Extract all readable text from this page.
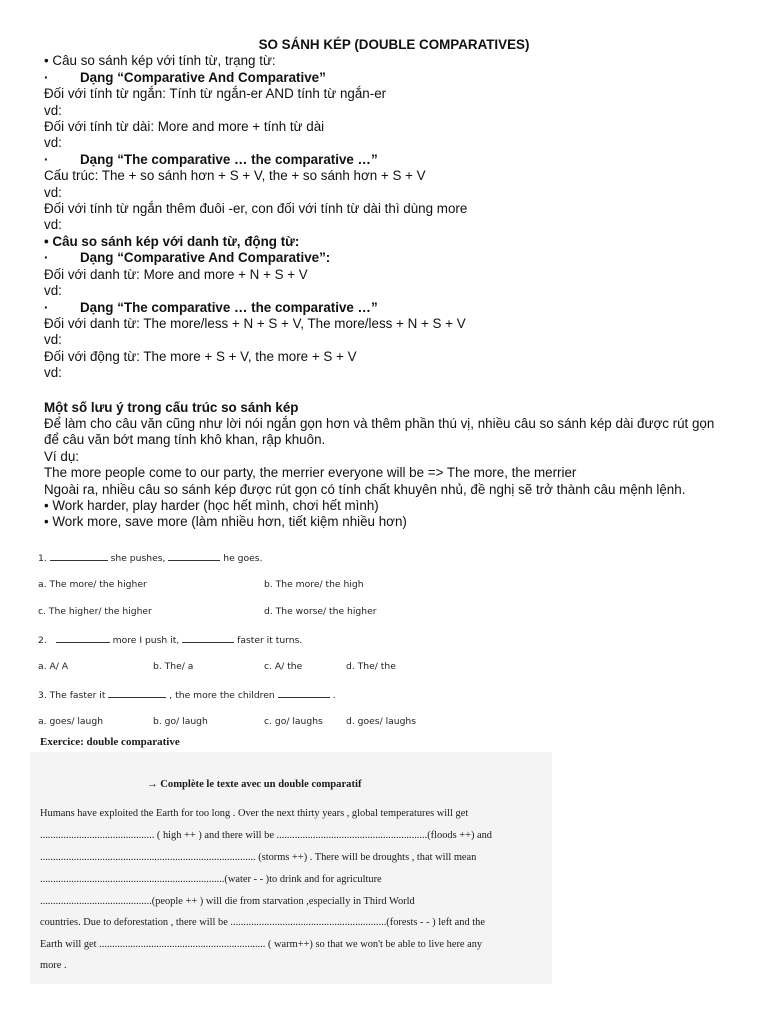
SO SÁNH KÉP (DOUBLE COMPARATIVES)
• Câu so sánh kép với tính từ, trạng từ:
·	Dạng “Comparative And Comparative”
Đối với tính từ ngắn: Tính từ ngắn-er AND tính từ ngắn-er
vd:
Đối với tính từ dài: More and more + tính từ dài
vd:
·	Dạng “The comparative … the comparative …”
Cấu trúc: The + so sánh hơn + S + V, the + so sánh hơn + S + V
vd:
Đối với tính từ ngắn thêm đuôi -er, con đối với tính từ dài thì dùng more
vd:
• Câu so sánh kép với danh từ, động từ:
·	Dạng “Comparative And Comparative”:
Đối với danh từ: More and more + N + S + V
vd:
·	Dạng “The comparative … the comparative …”
Đối với danh từ: The more/less + N + S + V, The more/less + N + S + V
vd:
Đối với động từ: The more + S + V, the more + S + V
vd:
Một số lưu ý trong cấu trúc so sánh kép
Để làm cho câu văn cũng như lời nói ngắn gọn hơn và thêm phần thú vị, nhiều câu so sánh kép dài được rút gọn
để câu văn bớt mang tính khô khan, rập khuôn.
Ví dụ:
The more people come to our party, the merrier everyone will be => The more, the merrier
Ngoài ra, nhiều câu so sánh kép được rút gọn có tính chất khuyên nhủ, đề nghị sẽ trở thành câu mệnh lệnh.
• Work harder, play harder (học hết mình, chơi hết mình)
• Work more, save more (làm nhiều hơn, tiết kiệm nhiều hơn)
1.	she pushes,	he goes.
a. The more/ the higher	b. The more/ the high
c. The higher/ the higher	d. The worse/ the higher
2.	more I push it,	faster it turns.
a. A/ A	b. The/ a	c. A/ the	d. The/ the
3. The faster it	, the more the children	.
a. goes/ laugh	b. go/ laugh	c. go/ laughs	d. goes/ laughs
Exercice: double comparative
→ Complète le texte avec un double comparatif
Humans have exploited the Earth for too long . Over the next thirty years , global temperatures will get
............................................ ( high ++ ) and there will be ..........................................................(floods ++) and
................................................................................... (storms ++) . There will be droughts , that will mean
.......................................................................(water - - )to drink and for agriculture
...........................................(people ++ ) will die from starvation ,especially in Third World
countries. Due to deforestation , there will be ............................................................(forests - - ) left and the
Earth will get ................................................................ ( warm++) so that we won't be able to live here any
more .
